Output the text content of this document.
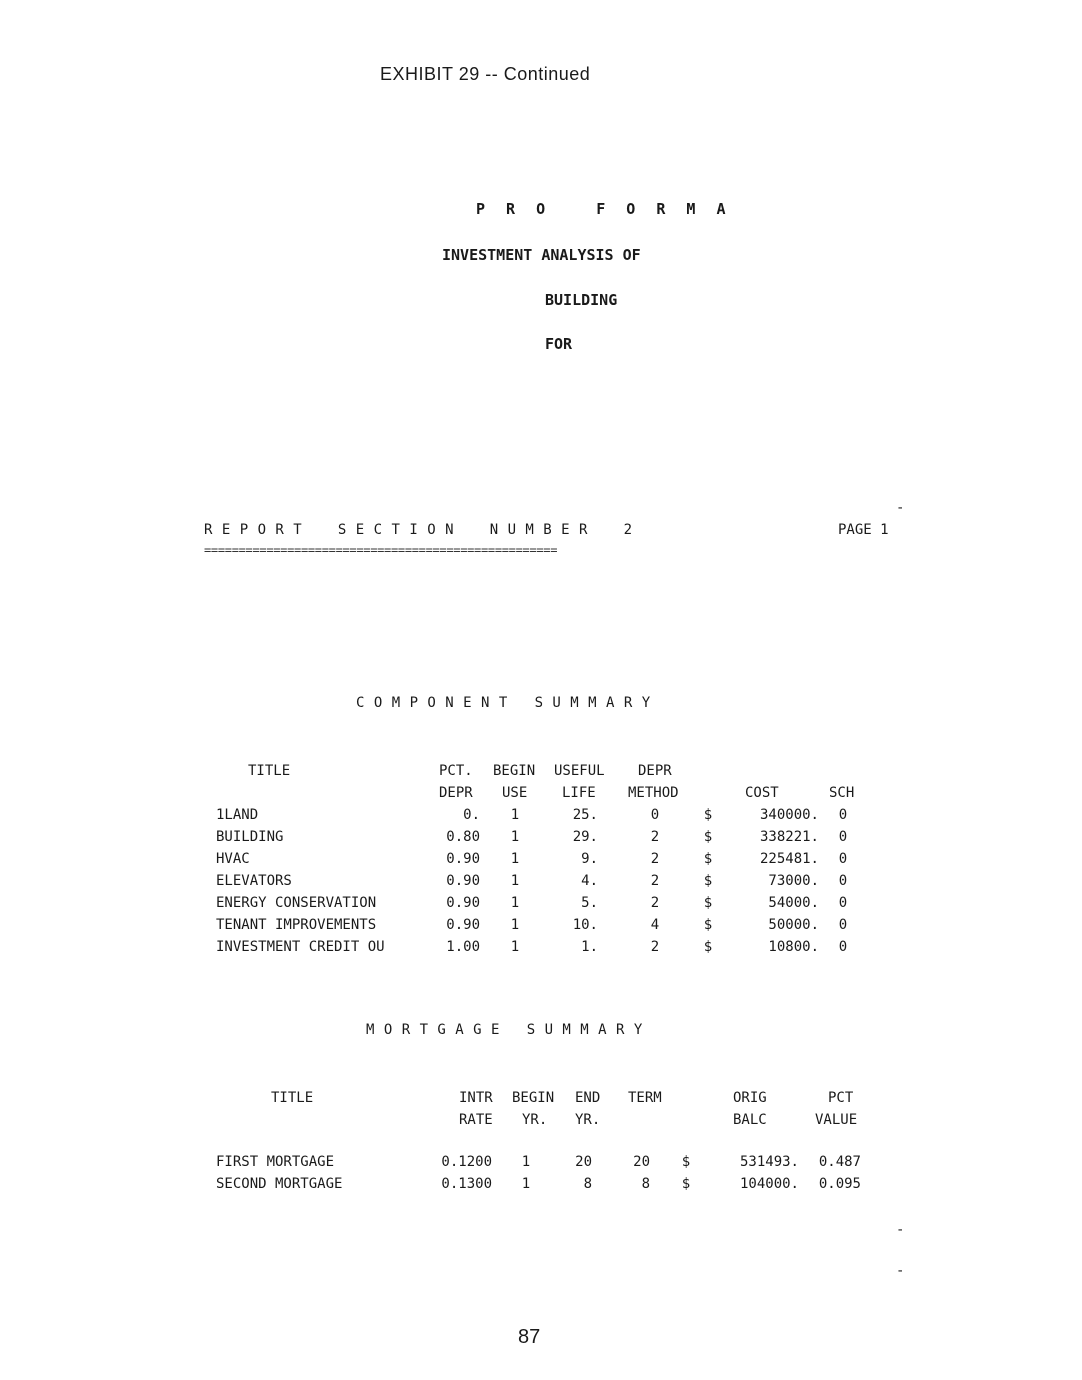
EXHIBIT 29 -- Continued
P R O   F O R M A
INVESTMENT ANALYSIS OF
BUILDING
FOR
-
R E P O R T    S E C T I O N    N U M B E R    2	PAGE 1
===================================================
C O M P O N E N T   S U M M A R Y
TITLE	PCT. BEGIN USEFUL DEPR
DEPR USE LIFE METHOD	COST	SCH
1LAND	0.	1	25.	0	$	340000. 0
BUILDING	0.80	1	29.	2	$	338221. 0
HVAC	0.90	1	9.	2	$	225481. 0
ELEVATORS	0.90	1	4.	2	$	73000. 0
ENERGY CONSERVATION	0.90	1	5.	2	$	54000. 0
TENANT IMPROVEMENTS	0.90	1	10.	4	$	50000. 0
INVESTMENT CREDIT OU	1.00	1	1.	2	$	10800. 0
M O R T G A G E   S U M M A R Y
TITLE	INTR BEGIN END TERM	ORIG	PCT
RATE YR. YR.	BALC	VALUE
FIRST MORTGAGE	0.1200	1	20	20 $	531493.	0.487
SECOND MORTGAGE	0.1300	1	8	8 $	104000.	0.095
-
-
87
